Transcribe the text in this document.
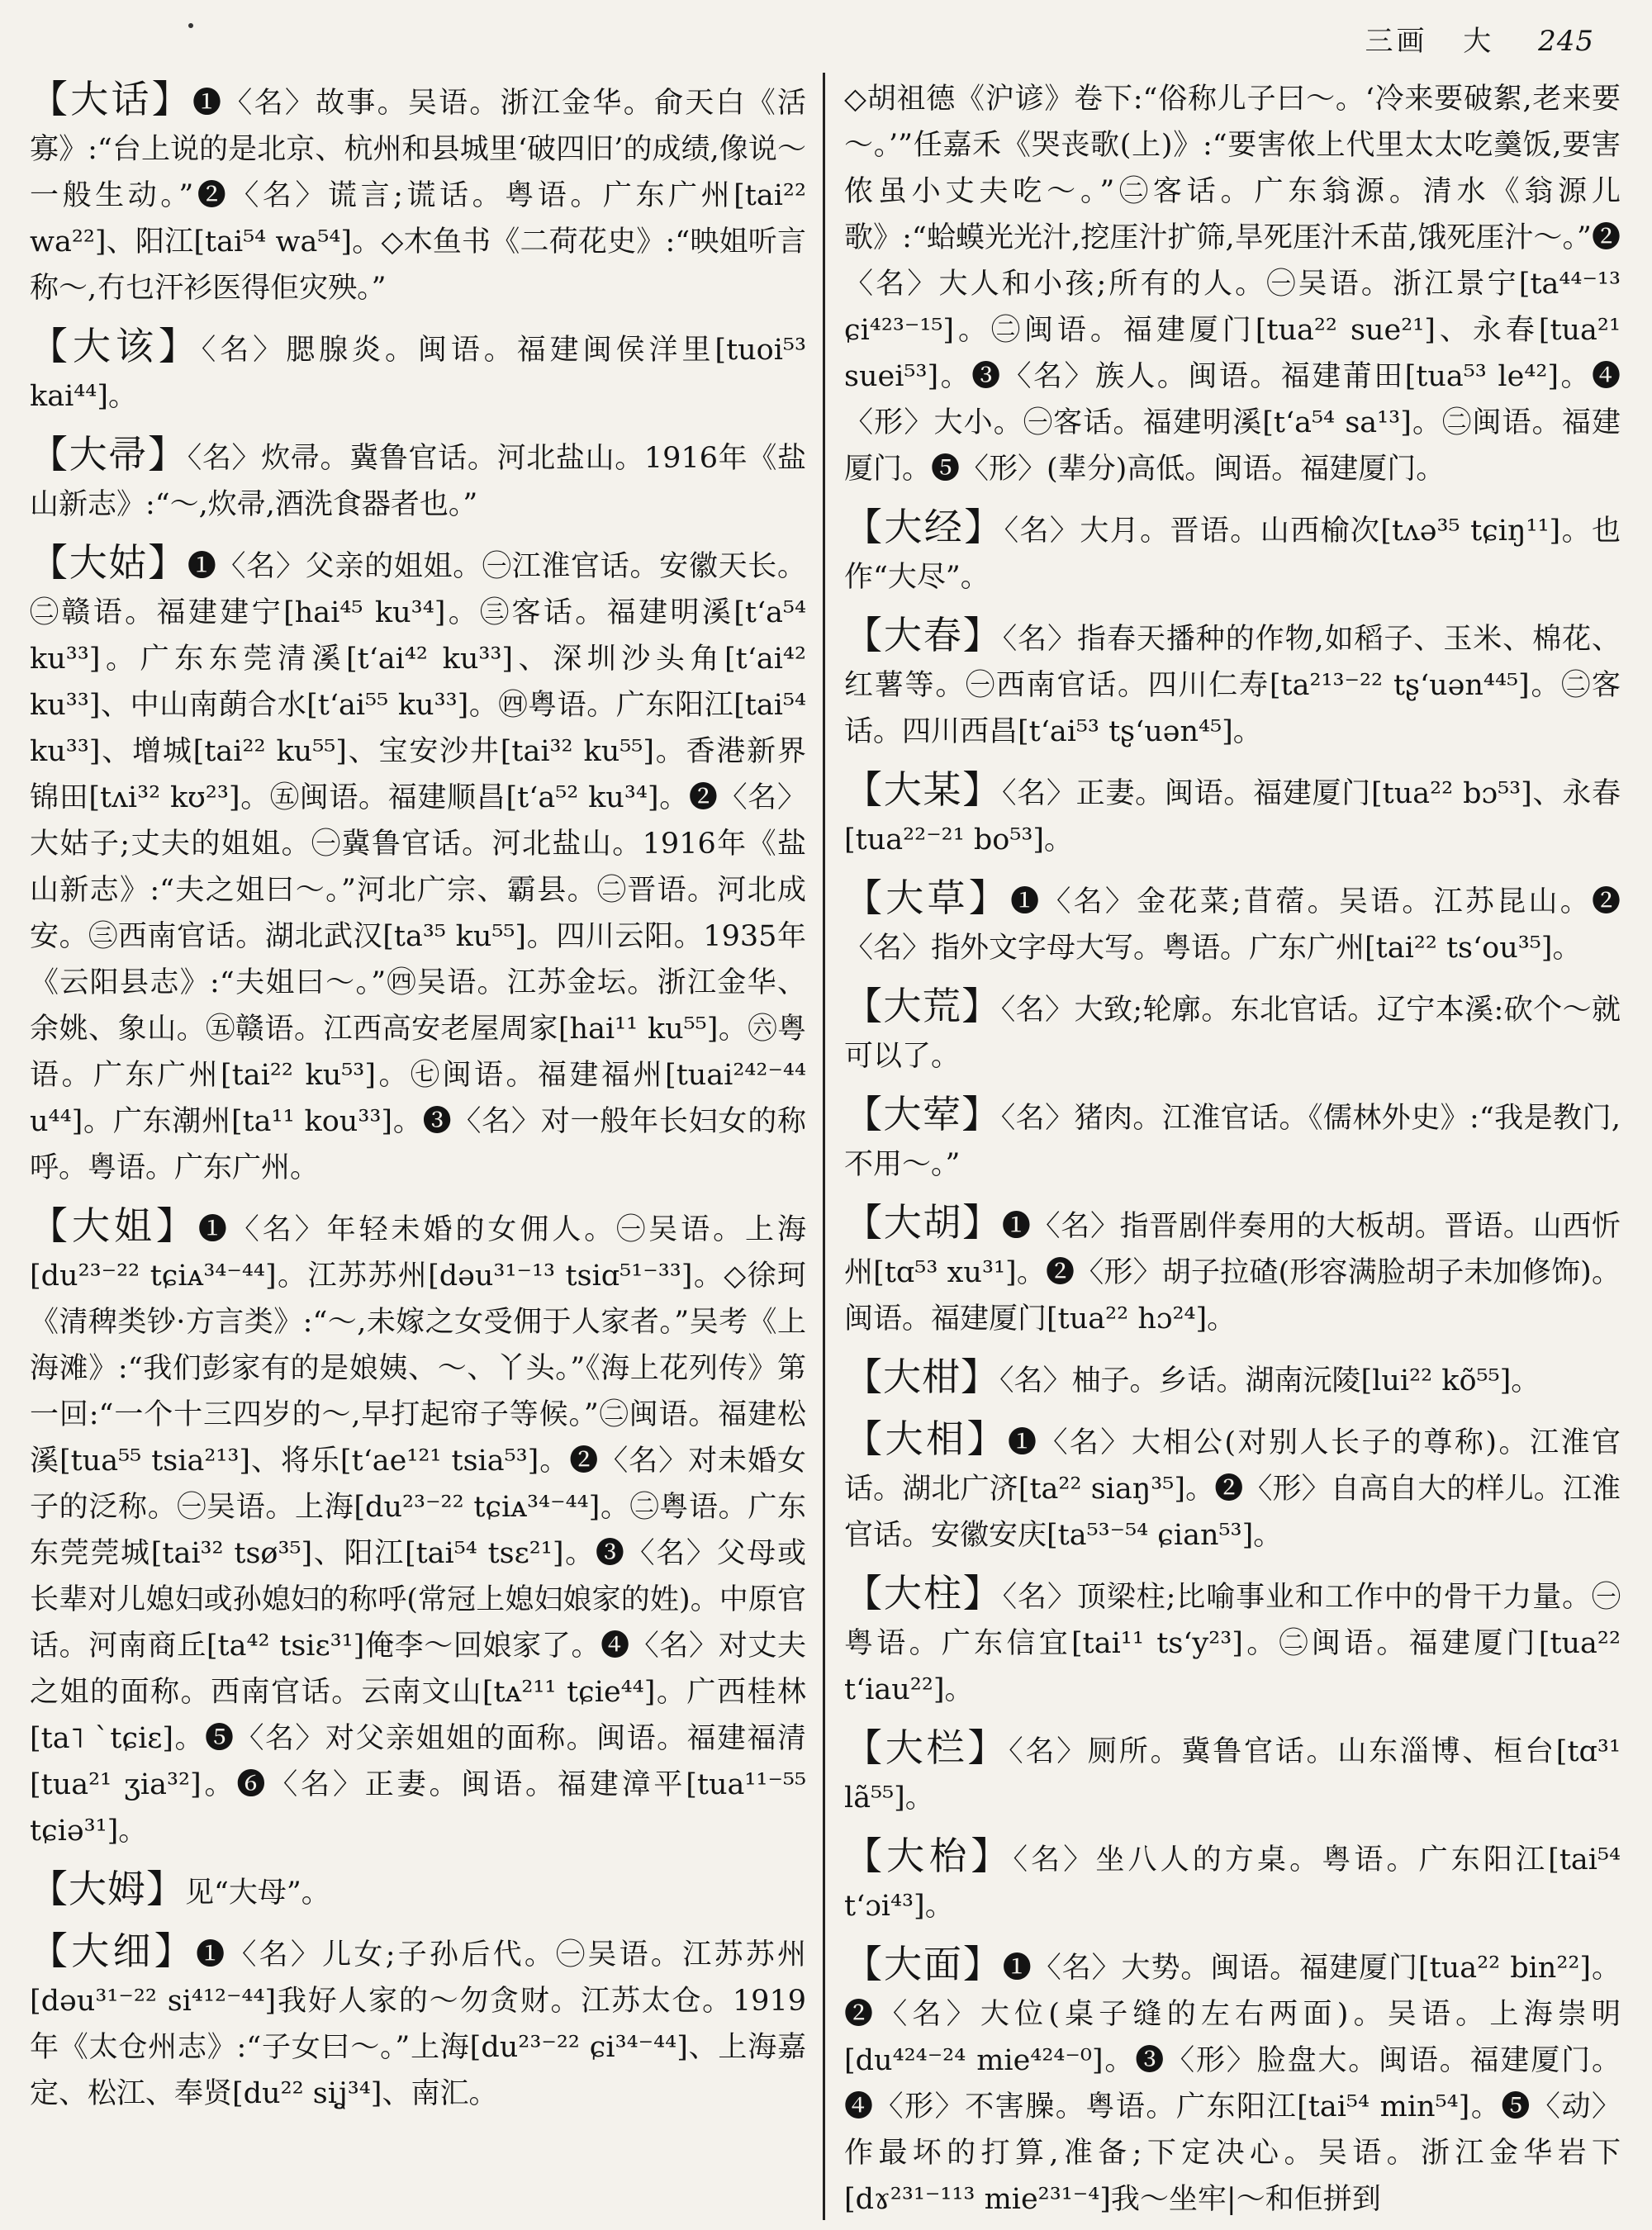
三画 大 245

【大话】❶〈名〉故事。吴语。浙江金华。俞天白《活寡》:“台上说的是北京、杭州和县城里‘破四旧’的成绩,像说～一般生动。”❷〈名〉谎言;谎话。粤语。广东广州[tai²² wa²²]、阳江[tai⁵⁴ wa⁵⁴]。◇木鱼书《二荷花史》:“映姐听言称～,冇乜汗衫医得佢灾殃。”

【大该】〈名〉腮腺炎。闽语。福建闽侯洋里[tuoi⁵³ kai⁴⁴]。

【大帚】〈名〉炊帚。冀鲁官话。河北盐山。1916年《盐山新志》:“～,炊帚,酒洗食器者也。”

【大姑】❶〈名〉父亲的姐姐。㊀江淮官话。安徽天长。㊁赣语。福建建宁[hai⁴⁵ ku³⁴]。㊂客话。福建明溪[t‘a⁵⁴ ku³³]。广东东莞清溪[t‘ai⁴² ku³³]、深圳沙头角[t‘ai⁴² ku³³]、中山南蓢合水[t‘ai⁵⁵ ku³³]。㊃粤语。广东阳江[tai⁵⁴ ku³³]、增城[tai²² ku⁵⁵]、宝安沙井[tai³² ku⁵⁵]。香港新界锦田[tʌi³² kʊ²³]。㊄闽语。福建顺昌[t‘a⁵² ku³⁴]。❷〈名〉大姑子;丈夫的姐姐。㊀冀鲁官话。河北盐山。1916年《盐山新志》:“夫之姐曰～。”河北广宗、霸县。㊁晋语。河北成安。㊂西南官话。湖北武汉[ta³⁵ ku⁵⁵]。四川云阳。1935年《云阳县志》:“夫姐曰～。”㊃吴语。江苏金坛。浙江金华、余姚、象山。㊄赣语。江西高安老屋周家[hai¹¹ ku⁵⁵]。㊅粤语。广东广州[tai²² ku⁵³]。㊆闽语。福建福州[tuai²⁴²⁻⁴⁴ u⁴⁴]。广东潮州[ta¹¹ kou³³]。❸〈名〉对一般年长妇女的称呼。粤语。广东广州。

【大姐】❶〈名〉年轻未婚的女佣人。㊀吴语。上海[du²³⁻²² tɕiᴀ³⁴⁻⁴⁴]。江苏苏州[dəu³¹⁻¹³ tsiɑ⁵¹⁻³³]。◇徐珂《清稗类钞·方言类》:“～,未嫁之女受佣于人家者。”吴考《上海滩》:“我们彭家有的是娘姨、～、丫头。”《海上花列传》第一回:“一个十三四岁的～,早打起帘子等候。”㊁闽语。福建松溪[tua⁵⁵ tsia²¹³]、将乐[t‘ae¹²¹ tsia⁵³]。❷〈名〉对未婚女子的泛称。㊀吴语。上海[du²³⁻²² tɕiᴀ³⁴⁻⁴⁴]。㊁粤语。广东东莞莞城[tai³² tsø³⁵]、阳江[tai⁵⁴ tsɛ²¹]。❸〈名〉父母或长辈对儿媳妇或孙媳妇的称呼(常冠上媳妇娘家的姓)。中原官话。河南商丘[ta⁴² tsiɛ³¹]俺李～回娘家了。❹〈名〉对丈夫之姐的面称。西南官话。云南文山[tᴀ²¹¹ tɕie⁴⁴]。广西桂林[ta˥ ˋtɕiɛ]。❺〈名〉对父亲姐姐的面称。闽语。福建福清[tua²¹ ʒia³²]。❻〈名〉正妻。闽语。福建漳平[tua¹¹⁻⁵⁵ tɕiə³¹]。

【大姆】见“大母”。

【大细】❶〈名〉儿女;子孙后代。㊀吴语。江苏苏州[dəu³¹⁻²² si⁴¹²⁻⁴⁴]我好人家的～勿贪财。江苏太仓。1919年《太仓州志》:“子女曰～。”上海[du²³⁻²² ɕi³⁴⁻⁴⁴]、上海嘉定、松江、奉贤[du²² siʝ³⁴]、南汇。

◇胡祖德《沪谚》卷下:“俗称儿子曰～。‘冷来要破絮,老来要～。’”任嘉禾《哭丧歌(上)》:“要害侬上代里太太吃羹饭,要害侬虽小丈夫吃～。”㊁客话。广东翁源。清水《翁源儿歌》:“蛤蟆光光汁,挖厓汁扩筛,旱死厓汁禾苗,饿死厓汁～。”❷〈名〉大人和小孩;所有的人。㊀吴语。浙江景宁[ta⁴⁴⁻¹³ ɕi⁴²³⁻¹⁵]。㊁闽语。福建厦门[tua²² sue²¹]、永春[tua²¹ suei⁵³]。❸〈名〉族人。闽语。福建莆田[tua⁵³ le⁴²]。❹〈形〉大小。㊀客话。福建明溪[t‘a⁵⁴ sa¹³]。㊁闽语。福建厦门。❺〈形〉(辈分)高低。闽语。福建厦门。

【大经】〈名〉大月。晋语。山西榆次[tʌə³⁵ tɕiŋ¹¹]。也作“大尽”。

【大春】〈名〉指春天播种的作物,如稻子、玉米、棉花、红薯等。㊀西南官话。四川仁寿[ta²¹³⁻²² tʂ‘uən⁴⁴⁵]。㊁客话。四川西昌[t‘ai⁵³ tʂ‘uən⁴⁵]。

【大某】〈名〉正妻。闽语。福建厦门[tua²² bɔ⁵³]、永春[tua²²⁻²¹ bo⁵³]。

【大草】❶〈名〉金花菜;苜蓿。吴语。江苏昆山。❷〈名〉指外文字母大写。粤语。广东广州[tai²² ts‘ou³⁵]。

【大荒】〈名〉大致;轮廓。东北官话。辽宁本溪:砍个～就可以了。

【大荤】〈名〉猪肉。江淮官话。《儒林外史》:“我是教门,不用～。”

【大胡】❶〈名〉指晋剧伴奏用的大板胡。晋语。山西忻州[tɑ⁵³ xu³¹]。❷〈形〉胡子拉碴(形容满脸胡子未加修饰)。闽语。福建厦门[tua²² hɔ²⁴]。

【大柑】〈名〉柚子。乡话。湖南沅陵[lui²² kõ⁵⁵]。

【大相】❶〈名〉大相公(对别人长子的尊称)。江淮官话。湖北广济[ta²² siaŋ³⁵]。❷〈形〉自高自大的样儿。江淮官话。安徽安庆[ta⁵³⁻⁵⁴ ɕian⁵³]。

【大柱】〈名〉顶梁柱;比喻事业和工作中的骨干力量。㊀粤语。广东信宜[tai¹¹ ts‘y²³]。㊁闽语。福建厦门[tua²² t‘iau²²]。

【大栏】〈名〉厕所。冀鲁官话。山东淄博、桓台[tɑ³¹ lã⁵⁵]。

【大枱】〈名〉坐八人的方桌。粤语。广东阳江[tai⁵⁴ t‘ɔi⁴³]。

【大面】❶〈名〉大势。闽语。福建厦门[tua²² bin²²]。❷〈名〉大位(桌子缝的左右两面)。吴语。上海崇明[du⁴²⁴⁻²⁴ mie⁴²⁴⁻⁰]。❸〈形〉脸盘大。闽语。福建厦门。❹〈形〉不害臊。粤语。广东阳江[tai⁵⁴ min⁵⁴]。❺〈动〉作最坏的打算,准备;下定决心。吴语。浙江金华岩下[dɤ²³¹⁻¹¹³ mie²³¹⁻⁴]我～坐牢|～和佢拼到
